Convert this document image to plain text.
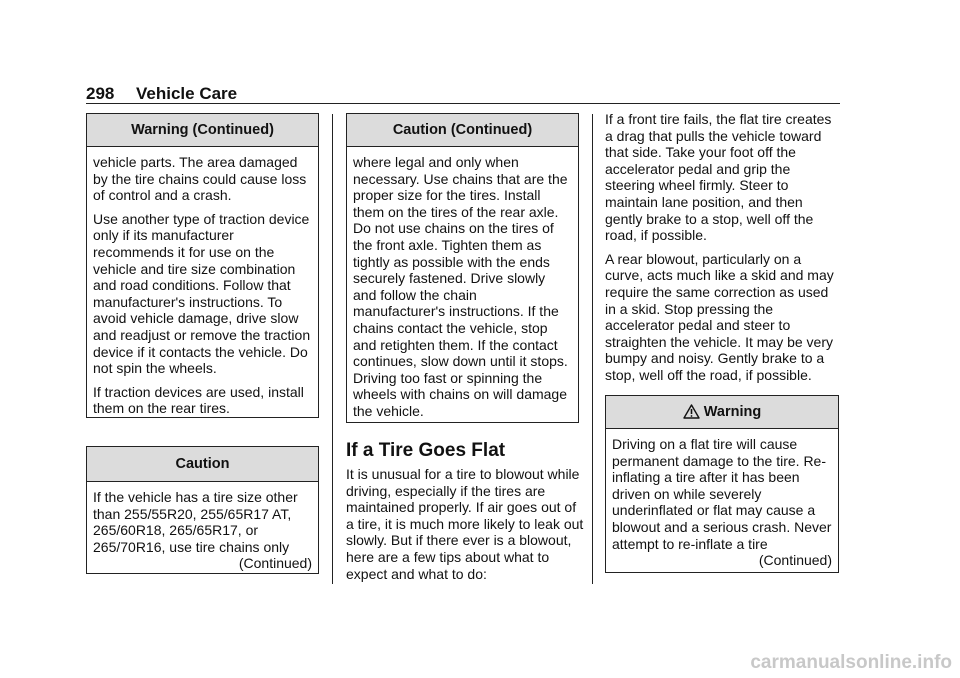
298 Vehicle Care
Warning (Continued)

vehicle parts. The area damaged by the tire chains could cause loss of control and a crash.

Use another type of traction device only if its manufacturer recommends it for use on the vehicle and tire size combination and road conditions. Follow that manufacturer's instructions. To avoid vehicle damage, drive slow and readjust or remove the traction device if it contacts the vehicle. Do not spin the wheels.

If traction devices are used, install them on the rear tires.

Caution

If the vehicle has a tire size other than 255/55R20, 255/65R17 AT, 265/60R18, 265/65R17, or 265/70R16, use tire chains only

(Continued)
Caution (Continued)

where legal and only when necessary. Use chains that are the proper size for the tires. Install them on the tires of the rear axle. Do not use chains on the tires of the front axle. Tighten them as tightly as possible with the ends securely fastened. Drive slowly and follow the chain manufacturer's instructions. If the chains contact the vehicle, stop and retighten them. If the contact continues, slow down until it stops. Driving too fast or spinning the wheels with chains on will damage the vehicle.

If a Tire Goes Flat

It is unusual for a tire to blowout while driving, especially if the tires are maintained properly. If air goes out of a tire, it is much more likely to leak out slowly. But if there ever is a blowout, here are a few tips about what to expect and what to do:

If a front tire fails, the flat tire creates a drag that pulls the vehicle toward that side. Take your foot off the accelerator pedal and grip the steering wheel firmly. Steer to maintain lane position, and then gently brake to a stop, well off the road, if possible.

A rear blowout, particularly on a curve, acts much like a skid and may require the same correction as used in a skid. Stop pressing the accelerator pedal and steer to straighten the vehicle. It may be very bumpy and noisy. Gently brake to a stop, well off the road, if possible.

Warning

Driving on a flat tire will cause permanent damage to the tire. Re-inflating a tire after it has been driven on while severely underinflated or flat may cause a blowout and a serious crash. Never attempt to re-inflate a tire

(Continued)
carmanualsonline.info
